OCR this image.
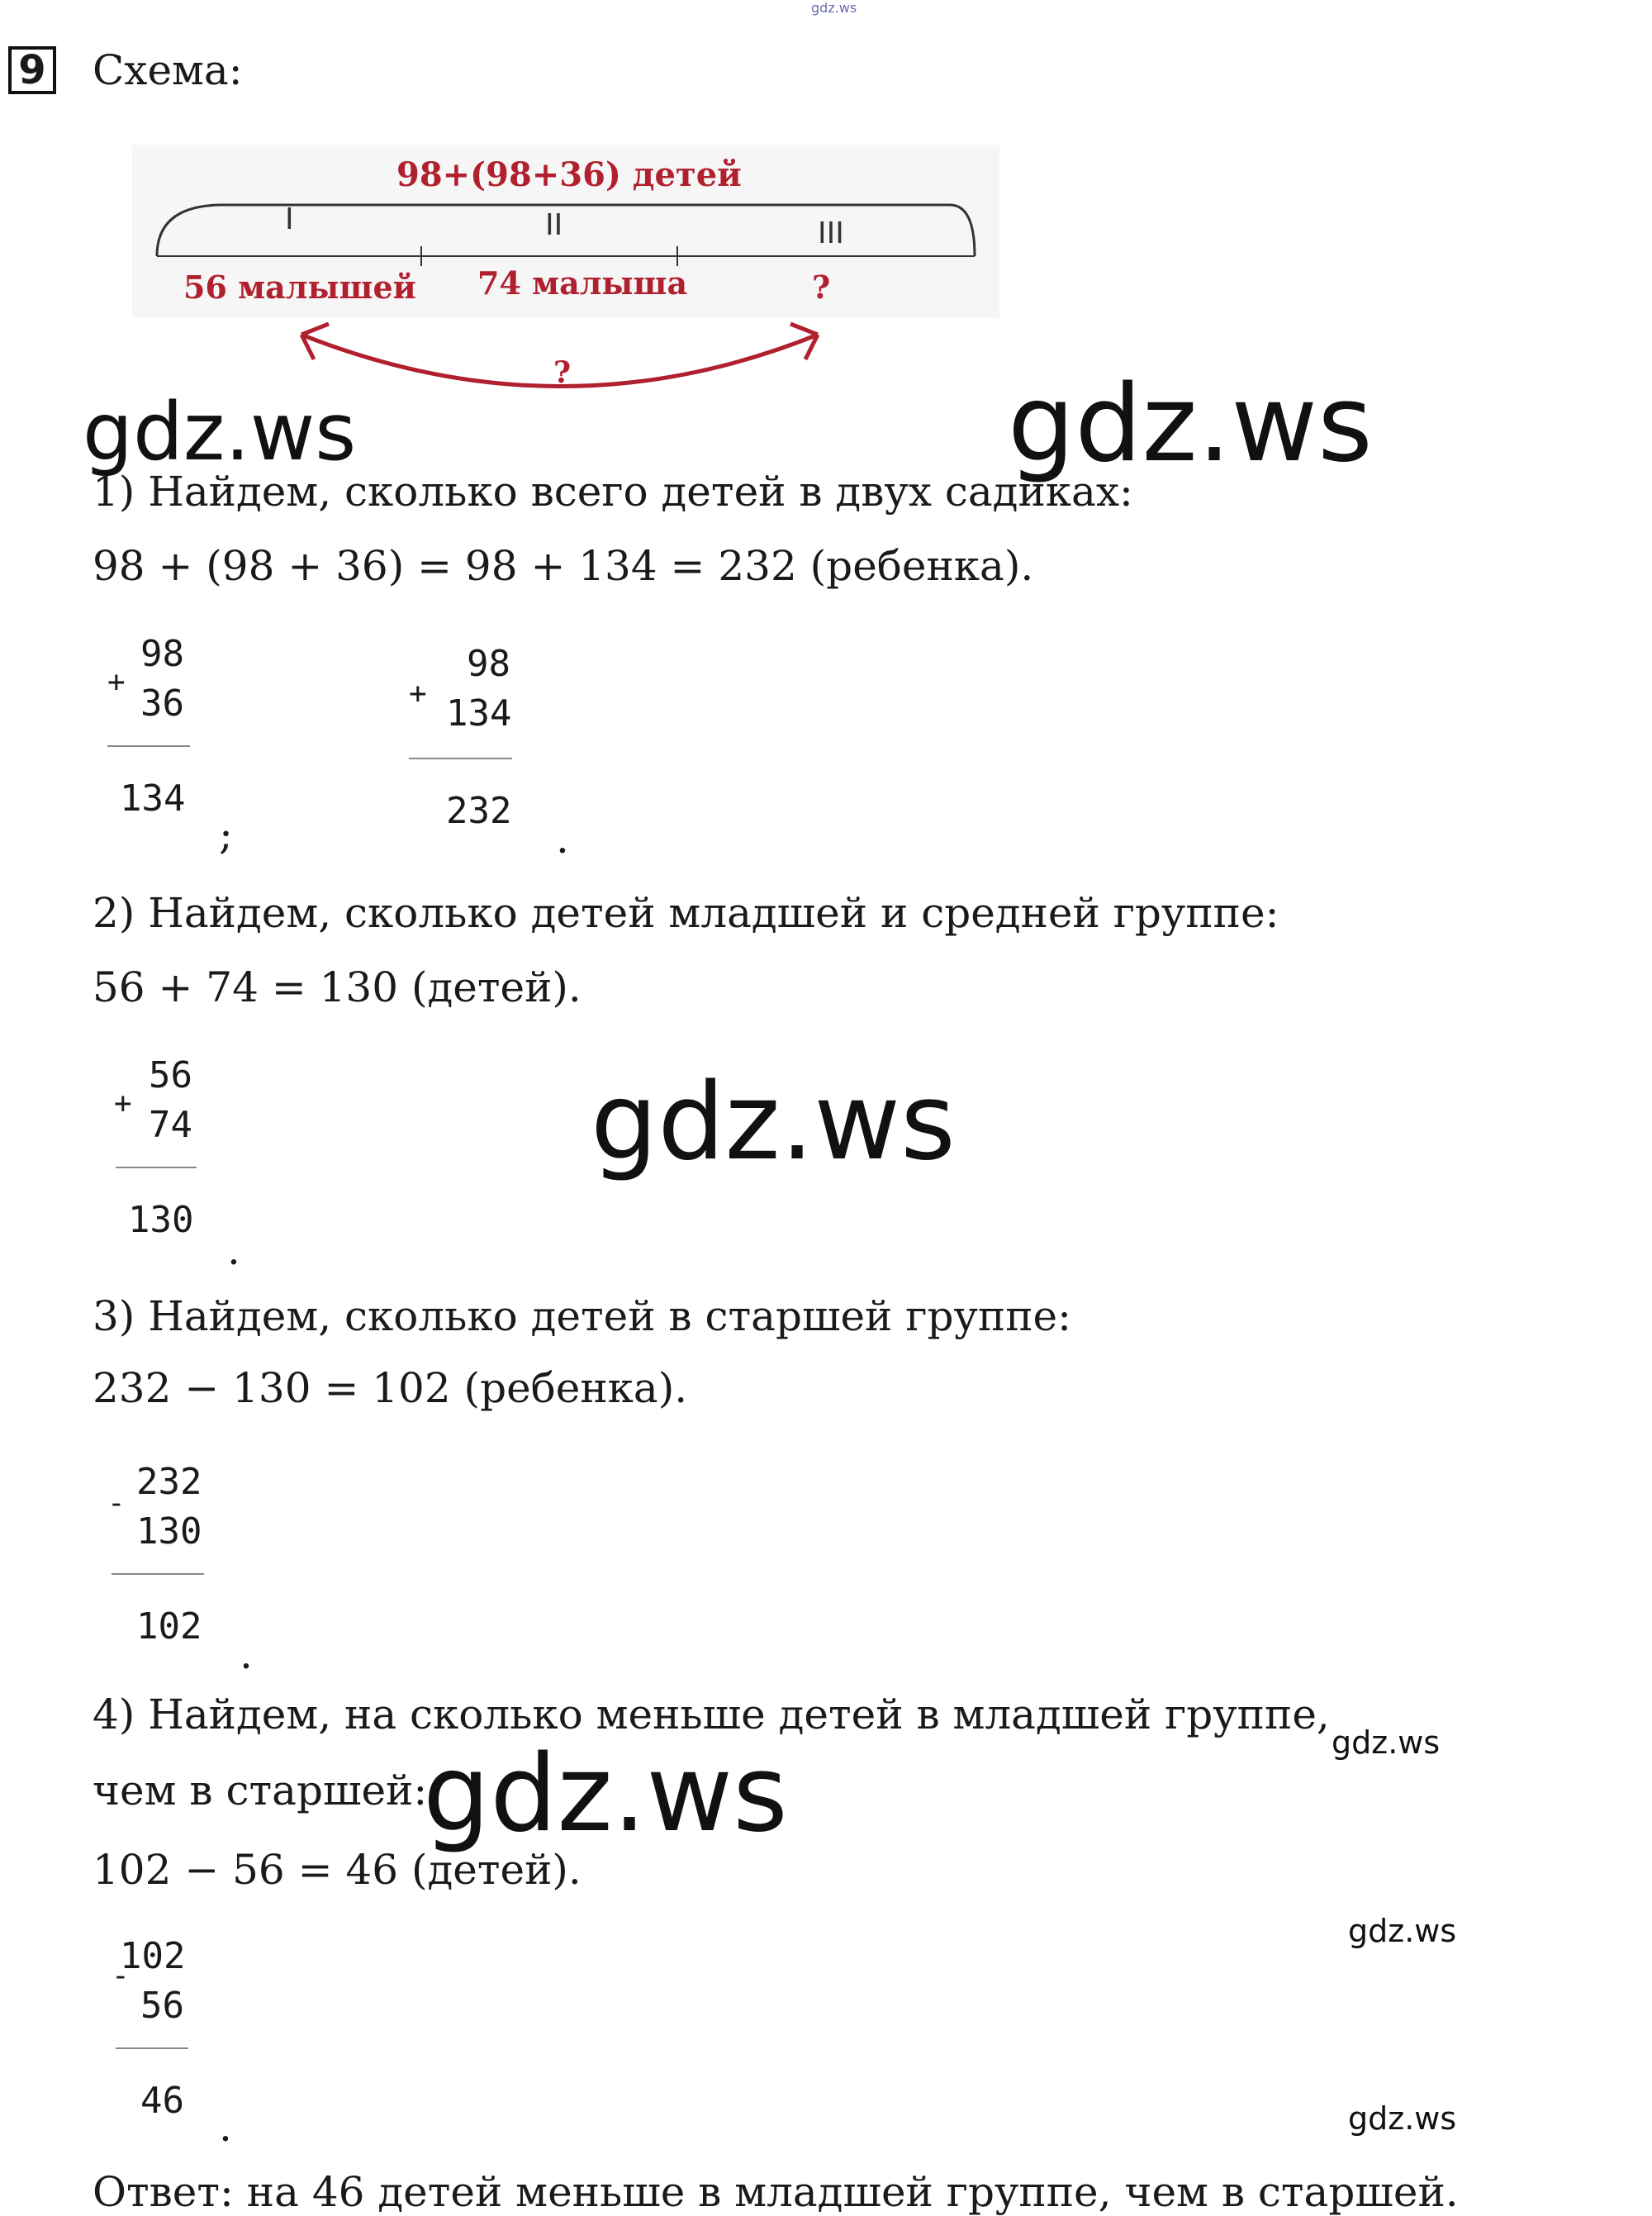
gdz.ws
9 Схема:
98+(98+36) детей
I	II	III
56 малышей 74 малыша	?
?
gdz.ws	gdz.ws
1) Найдем, сколько всего детей в двух садиках:
98 + (98 + 36) = 98 + 134 = 232 (ребенка).
+
98
36
134
;
+
98
134
232
.
2) Найдем, сколько детей младшей и средней группе:
56 + 74 = 130 (детей).
+
56
74
130
.
gdz.ws
3) Найдем, сколько детей в старшей группе:
232 − 130 = 102 (ребенка).
-
232
130
102
.
4) Найдем, на сколько меньше детей в младшей группе,
gdz.ws
чем в старшей:
gdz.ws
102 − 56 = 46 (детей).
-
102
56
46
.
gdz.ws
gdz.ws
Ответ: на 46 детей меньше в младшей группе, чем в старшей.
